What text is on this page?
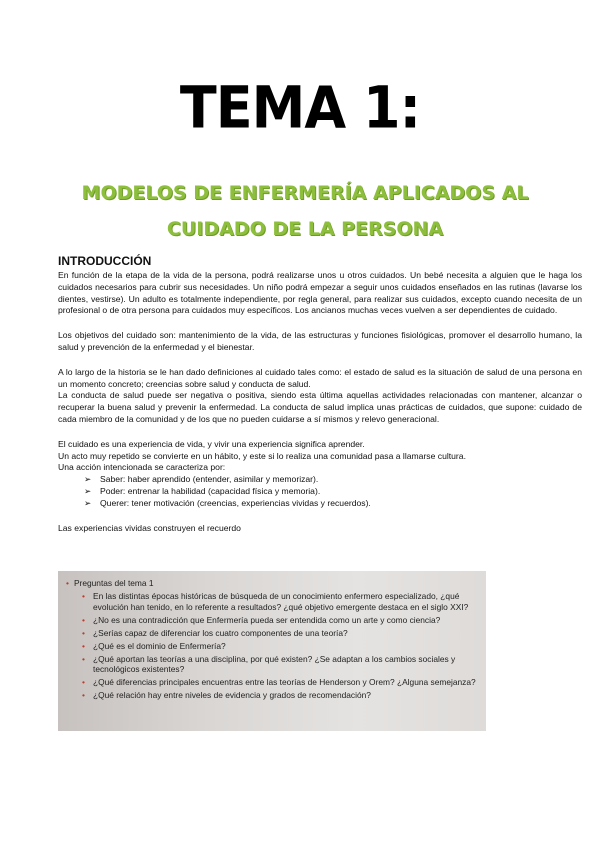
TEMA 1:
MODELOS DE ENFERMERÍA APLICADOS AL
CUIDADO DE LA PERSONA
INTRODUCCIÓN

En función de la etapa de la vida de la persona, podrá realizarse unos u otros cuidados. Un bebé necesita a alguien que le haga los cuidados necesarios para cubrir sus necesidades. Un niño podrá empezar a seguir unos cuidados enseñados en las rutinas (lavarse los dientes, vestirse). Un adulto es totalmente independiente, por regla general, para realizar sus cuidados, excepto cuando necesita de un profesional o de otra persona para cuidados muy específicos. Los ancianos muchas veces vuelven a ser dependientes de cuidado.

Los objetivos del cuidado son: mantenimiento de la vida, de las estructuras y funciones fisiológicas, promover el desarrollo humano, la salud y prevención de la enfermedad y el bienestar.

A lo largo de la historia se le han dado definiciones al cuidado tales como: el estado de salud es la situación de salud de una persona en un momento concreto; creencias sobre salud y conducta de salud.

La conducta de salud puede ser negativa o positiva, siendo esta última aquellas actividades relacionadas con mantener, alcanzar o recuperar la buena salud y prevenir la enfermedad. La conducta de salud implica unas prácticas de cuidados, que supone: cuidado de cada miembro de la comunidad y de los que no pueden cuidarse a sí mismos y relevo generacional.

El cuidado es una experiencia de vida, y vivir una experiencia significa aprender.

Un acto muy repetido se convierte en un hábito, y este si lo realiza una comunidad pasa a llamarse cultura.

Una acción intencionada se caracteriza por:

➢ Saber: haber aprendido (entender, asimilar y memorizar).
➢ Poder: entrenar la habilidad (capacidad física y memoria).
➢ Querer: tener motivación (creencias, experiencias vividas y recuerdos).

Las experiencias vividas construyen el recuerdo

• Preguntas del tema 1
• En las distintas épocas históricas de búsqueda de un conocimiento enfermero especializado, ¿qué evolución han tenido, en lo referente a resultados? ¿qué objetivo emergente destaca en el siglo XXI?
• ¿No es una contradicción que Enfermería pueda ser entendida como un arte y como ciencia?
• ¿Serías capaz de diferenciar los cuatro componentes de una teoría?
• ¿Qué es el dominio de Enfermería?
• ¿Qué aportan las teorías a una disciplina, por qué existen? ¿Se adaptan a los cambios sociales y tecnológicos existentes?
• ¿Qué diferencias principales encuentras entre las teorías de Henderson y Orem? ¿Alguna semejanza?
• ¿Qué relación hay entre niveles de evidencia y grados de recomendación?
